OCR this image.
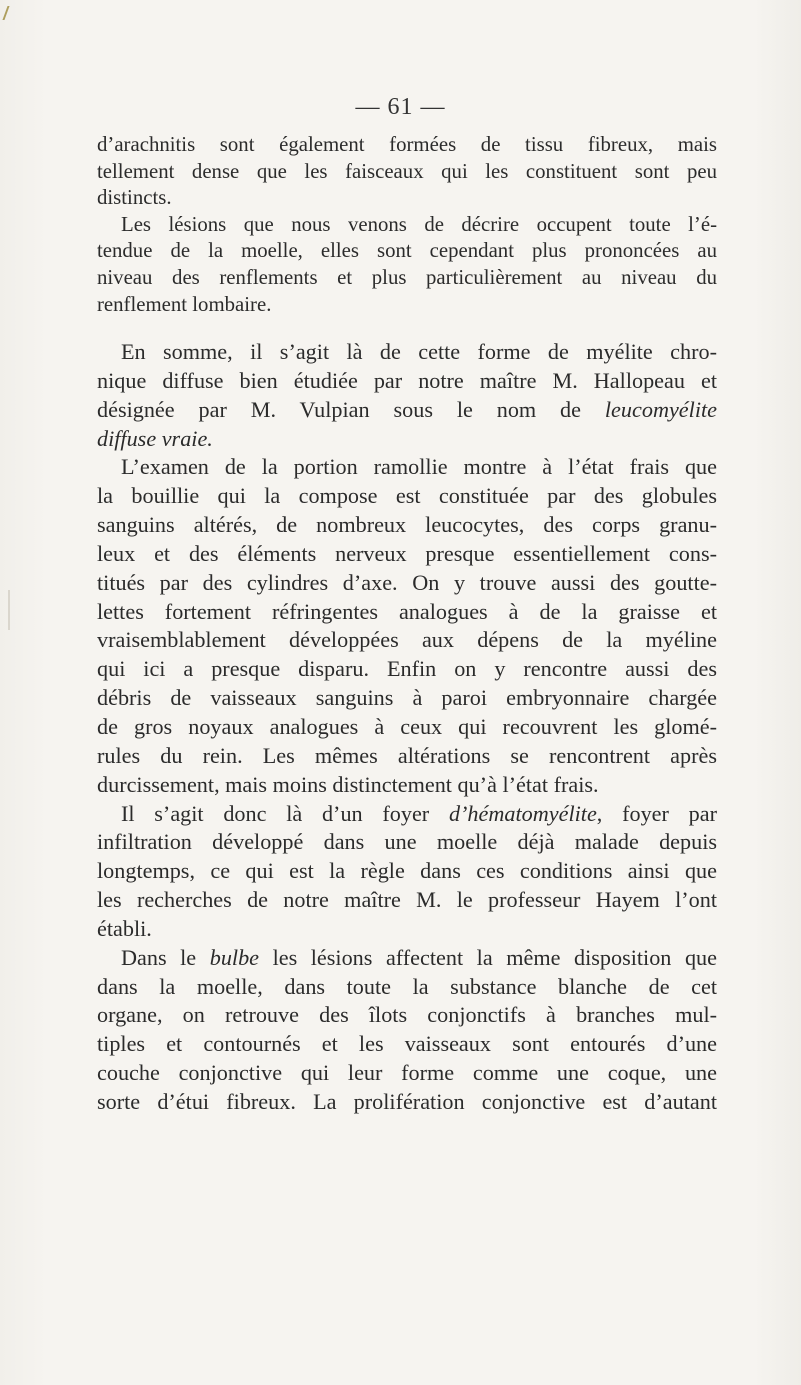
— 61 —
d’arachnitis sont également formées de tissu fibreux, mais
tellement dense que les faisceaux qui les constituent sont peu
distincts.
Les lésions que nous venons de décrire occupent toute l’é-
tendue de la moelle, elles sont cependant plus prononcées au
niveau des renflements et plus particulièrement au niveau du
renflement lombaire.
En somme, il s’agit là de cette forme de myélite chro-
nique diffuse bien étudiée par notre maître M. Hallopeau et
désignée par M. Vulpian sous le nom de leucomyélite
diffuse vraie.
L’examen de la portion ramollie montre à l’état frais que
la bouillie qui la compose est constituée par des globules
sanguins altérés, de nombreux leucocytes, des corps granu-
leux et des éléments nerveux presque essentiellement cons-
titués par des cylindres d’axe. On y trouve aussi des goutte-
lettes fortement réfringentes analogues à de la graisse et
vraisemblablement développées aux dépens de la myéline
qui ici a presque disparu. Enfin on y rencontre aussi des
débris de vaisseaux sanguins à paroi embryonnaire chargée
de gros noyaux analogues à ceux qui recouvrent les glomé-
rules du rein. Les mêmes altérations se rencontrent après
durcissement, mais moins distinctement qu’à l’état frais.
Il s’agit donc là d’un foyer d’hématomyélite, foyer par
infiltration développé dans une moelle déjà malade depuis
longtemps, ce qui est la règle dans ces conditions ainsi que
les recherches de notre maître M. le professeur Hayem l’ont
établi.
Dans le bulbe les lésions affectent la même disposition que
dans la moelle, dans toute la substance blanche de cet
organe, on retrouve des îlots conjonctifs à branches mul-
tiples et contournés et les vaisseaux sont entourés d’une
couche conjonctive qui leur forme comme une coque, une
sorte d’étui fibreux. La prolifération conjonctive est d’autant
